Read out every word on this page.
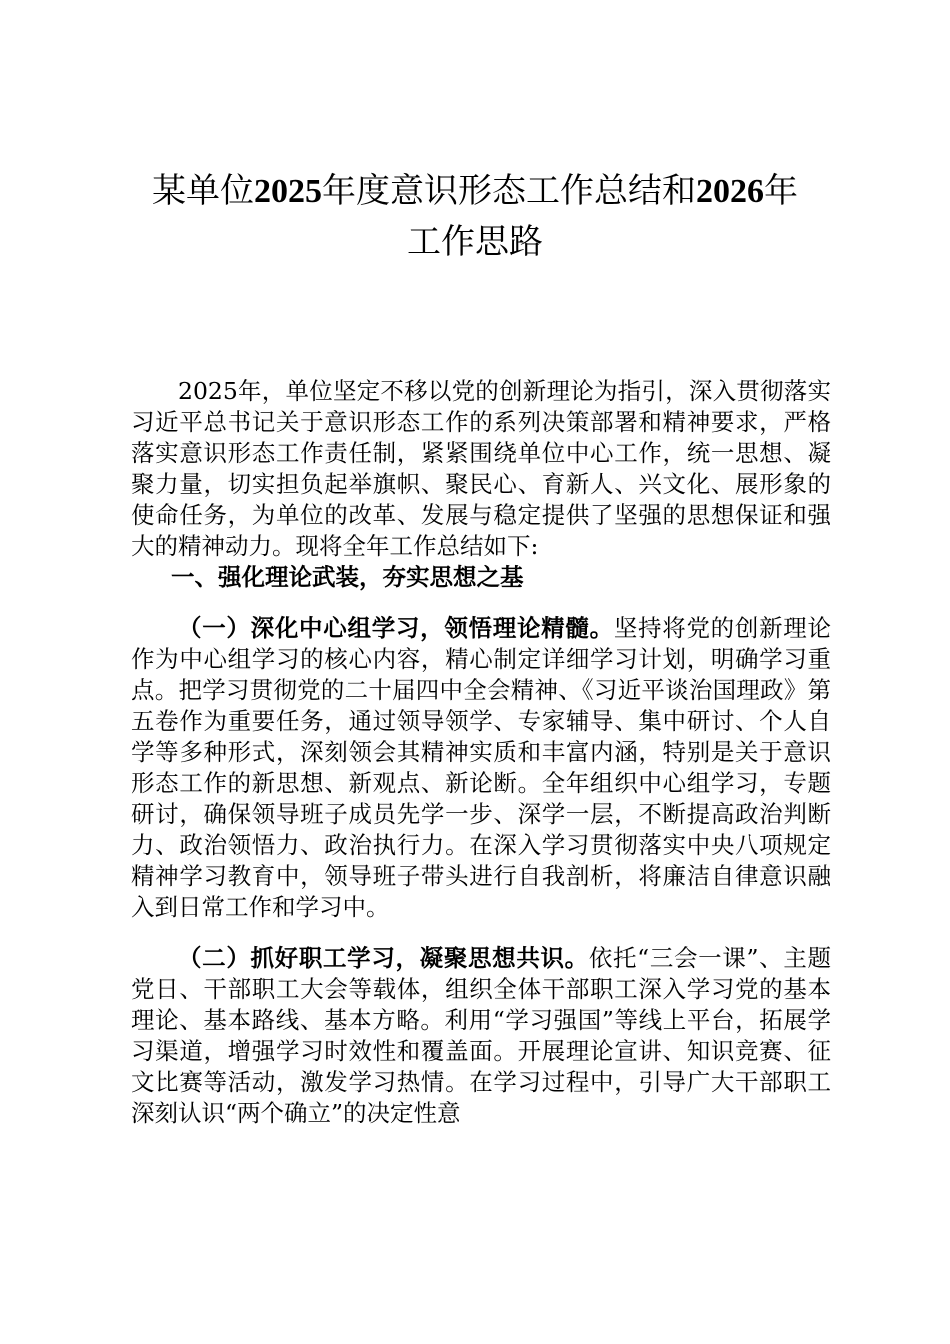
某单位2025年度意识形态工作总结和2026年
工作思路

2025年，单位坚定不移以党的创新理论为指引，深入贯彻落实习近平总书记关于意识形态工作的系列决策部署和精神要求，严格落实意识形态工作责任制，紧紧围绕单位中心工作，统一思想、凝聚力量，切实担负起举旗帜、聚民心、育新人、兴文化、展形象的使命任务，为单位的改革、发展与稳定提供了坚强的思想保证和强大的精神动力。现将全年工作总结如下:

一、强化理论武装，夯实思想之基

（一）深化中心组学习，领悟理论精髓。坚持将党的创新理论作为中心组学习的核心内容，精心制定详细学习计划，明确学习重点。把学习贯彻党的二十届四中全会精神、《习近平谈治国理政》第五卷作为重要任务，通过领导领学、专家辅导、集中研讨、个人自学等多种形式，深刻领会其精神实质和丰富内涵，特别是关于意识形态工作的新思想、新观点、新论断。全年组织中心组学习，专题研讨，确保领导班子成员先学一步、深学一层，不断提高政治判断力、政治领悟力、政治执行力。在深入学习贯彻落实中央八项规定精神学习教育中，领导班子带头进行自我剖析，将廉洁自律意识融入到日常工作和学习中。

（二）抓好职工学习，凝聚思想共识。依托“三会一课”、主题党日、干部职工大会等载体，组织全体干部职工深入学习党的基本理论、基本路线、基本方略。利用“学习强国”等线上平台，拓展学习渠道，增强学习时效性和覆盖面。开展理论宣讲、知识竞赛、征文比赛等活动，激发学习热情。在学习过程中，引导广大干部职工深刻认识“两个确立”的决定性意
